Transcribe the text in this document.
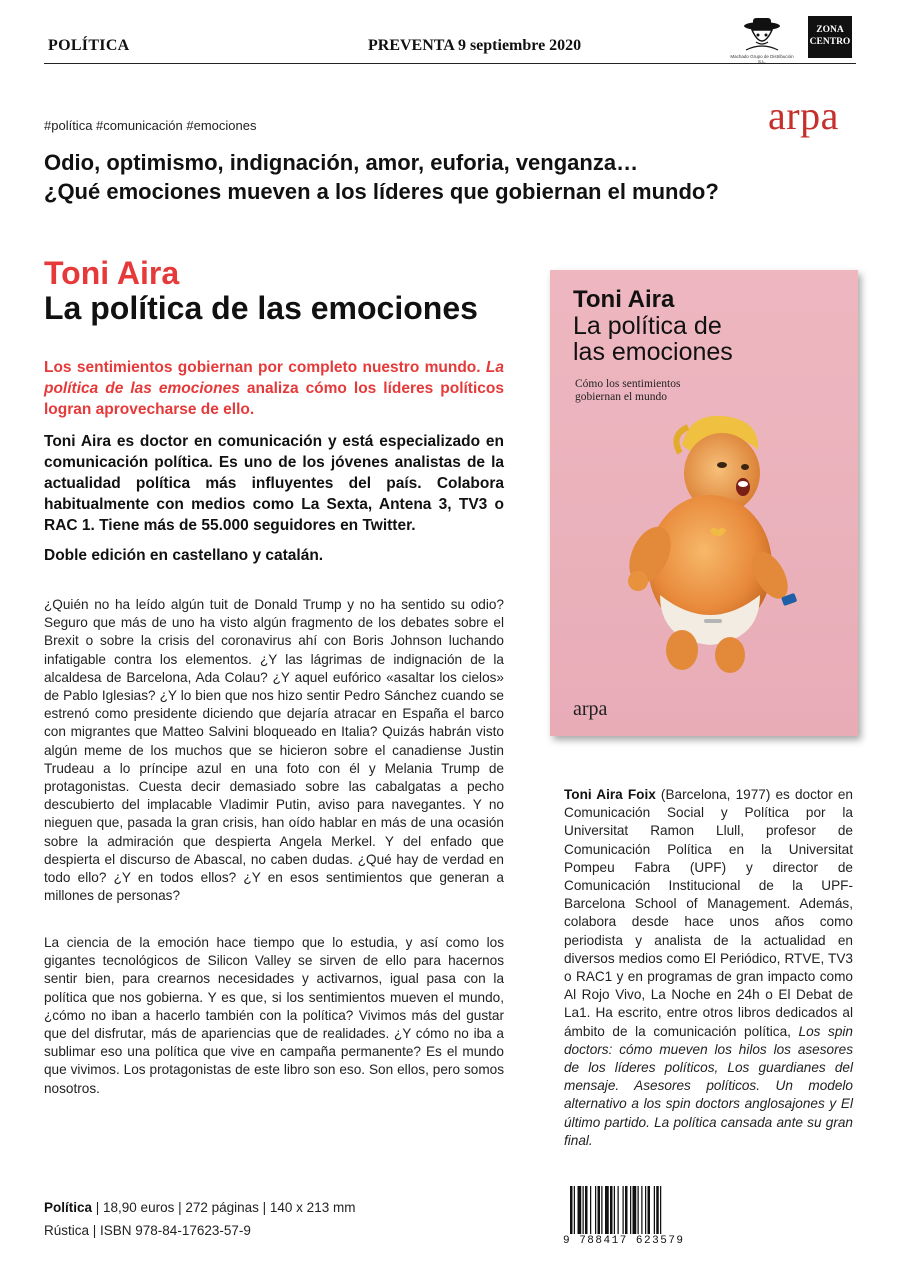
POLÍTICA	PREVENTA 9 septiembre 2020
Machado Grupo de Distribución S.L.
ZONA
CENTRO
arpa
#política #comunicación #emociones
Odio, optimismo, indignación, amor, euforia, venganza…
¿Qué emociones mueven a los líderes que gobiernan el mundo?
Toni Aira
La política de las emociones
Los sentimientos gobiernan por completo nuestro mundo. La política de las emociones analiza cómo los líderes políticos logran aprovecharse de ello.
Toni Aira es doctor en comunicación y está especializado en comunicación política. Es uno de los jóvenes analistas de la actualidad política más influyentes del país. Colabora habitualmente con medios como La Sexta, Antena 3, TV3 o RAC 1. Tiene más de 55.000 seguidores en Twitter.
Doble edición en castellano y catalán.
¿Quién no ha leído algún tuit de Donald Trump y no ha sentido su odio? Seguro que más de uno ha visto algún fragmento de los debates sobre el Brexit o sobre la crisis del coronavirus ahí con Boris Johnson luchando infatigable contra los elementos. ¿Y las lágrimas de indignación de la alcaldesa de Barcelona, Ada Colau? ¿Y aquel eufórico «asaltar los cielos» de Pablo Iglesias? ¿Y lo bien que nos hizo sentir Pedro Sánchez cuando se estrenó como presidente diciendo que dejaría atracar en España el barco con migrantes que Matteo Salvini bloqueado en Italia? Quizás habrán visto algún meme de los muchos que se hicieron sobre el canadiense Justin Trudeau a lo príncipe azul en una foto con él y Melania Trump de protagonistas. Cuesta decir demasiado sobre las cabalgatas a pecho descubierto del implacable Vladimir Putin, aviso para navegantes. Y no nieguen que, pasada la gran crisis, han oído hablar en más de una ocasión sobre la admiración que despierta Angela Merkel. Y del enfado que despierta el discurso de Abascal, no caben dudas. ¿Qué hay de verdad en todo ello? ¿Y en todos ellos? ¿Y en esos sentimientos que generan a millones de personas?
La ciencia de la emoción hace tiempo que lo estudia, y así como los gigantes tecnológicos de Silicon Valley se sirven de ello para hacernos sentir bien, para crearnos necesidades y activarnos, igual pasa con la política que nos gobierna. Y es que, si los sentimientos mueven el mundo, ¿cómo no iban a hacerlo también con la política? Vivimos más del gustar que del disfrutar, más de apariencias que de realidades. ¿Y cómo no iba a sublimar eso una política que vive en campaña permanente? Es el mundo que vivimos. Los protagonistas de este libro son eso. Son ellos, pero somos nosotros.
Toni Aira
La política de
las emociones
Cómo los sentimientos
gobiernan el mundo
arpa
Toni Aira Foix (Barcelona, 1977) es doctor en Comunicación Social y Política por la Universitat Ramon Llull, profesor de Comunicación Política en la Universitat Pompeu Fabra (UPF) y director de Comunicación Institucional de la UPF-Barcelona School of Management. Además, colabora desde hace unos años como periodista y analista de la actualidad en diversos medios como El Periódico, RTVE, TV3 o RAC1 y en programas de gran impacto como Al Rojo Vivo, La Noche en 24h o El Debat de La1. Ha escrito, entre otros libros dedicados al ámbito de la comunicación política, Los spin doctors: cómo mueven los hilos los asesores de los líderes políticos, Los guardianes del mensaje. Asesores políticos. Un modelo alternativo a los spin doctors anglosajones y El último partido. La política cansada ante su gran final.
Política | 18,90 euros | 272 páginas | 140 x 213 mm
Rústica | ISBN 978-84-17623-57-9
9 788417 623579
